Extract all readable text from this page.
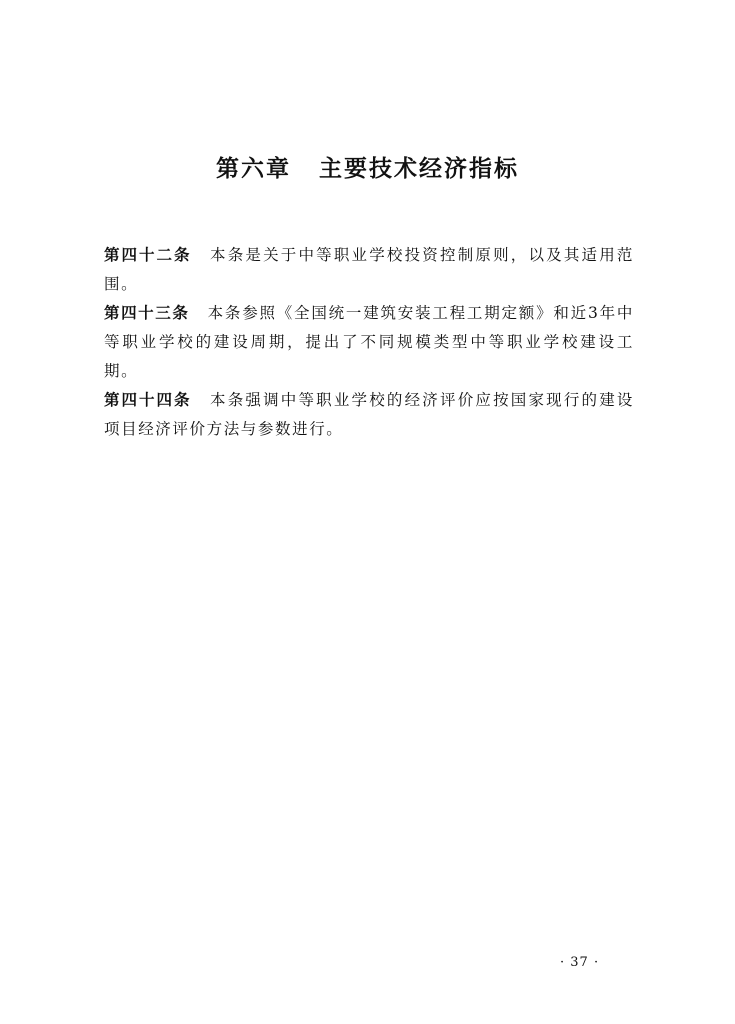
第六章 主要技术经济指标

第四十二条 本条是关于中等职业学校投资控制原则，以及其适用范围。

第四十三条 本条参照《全国统一建筑安装工程工期定额》和近3年中等职业学校的建设周期，提出了不同规模类型中等职业学校建设工期。

第四十四条 本条强调中等职业学校的经济评价应按国家现行的建设项目经济评价方法与参数进行。

· 37 ·
